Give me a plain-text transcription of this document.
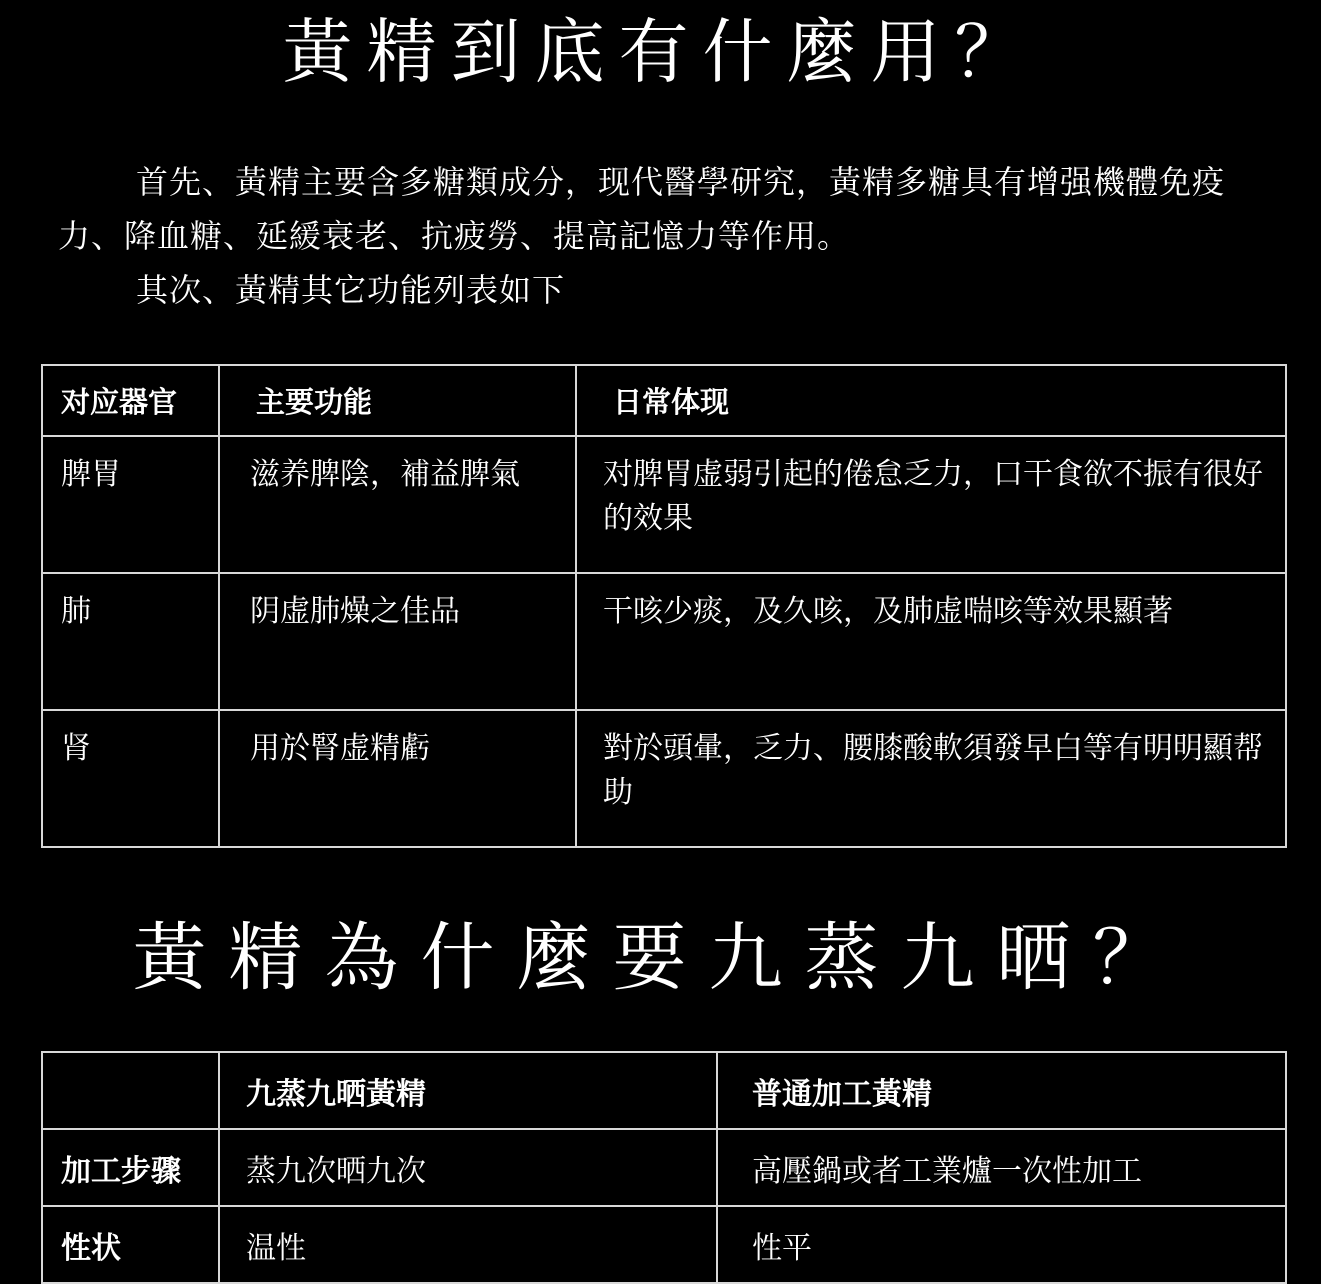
黃精到底有什麼用？

首先、黃精主要含多糖類成分，现代醫學研究，黃精多糖具有增强機體免疫力、降血糖、延緩衰老、抗疲勞、提高記憶力等作用。

其次、黃精其它功能列表如下

对应器官	主要功能	日常体现
脾胃	滋养脾陰，補益脾氣	对脾胃虚弱引起的倦怠乏力，口干食欲不振有很好的效果
肺	阴虚肺燥之佳品	干咳少痰，及久咳，及肺虚喘咳等效果顯著
肾	用於腎虚精虧	對於頭暈，乏力、腰膝酸軟須發早白等有明明顯帮助
黃精為什麼要九蒸九晒？
	九蒸九晒黃精	普通加工黃精
加工步骤	蒸九次晒九次	高壓鍋或者工業爐一次性加工
性状	温性	性平
